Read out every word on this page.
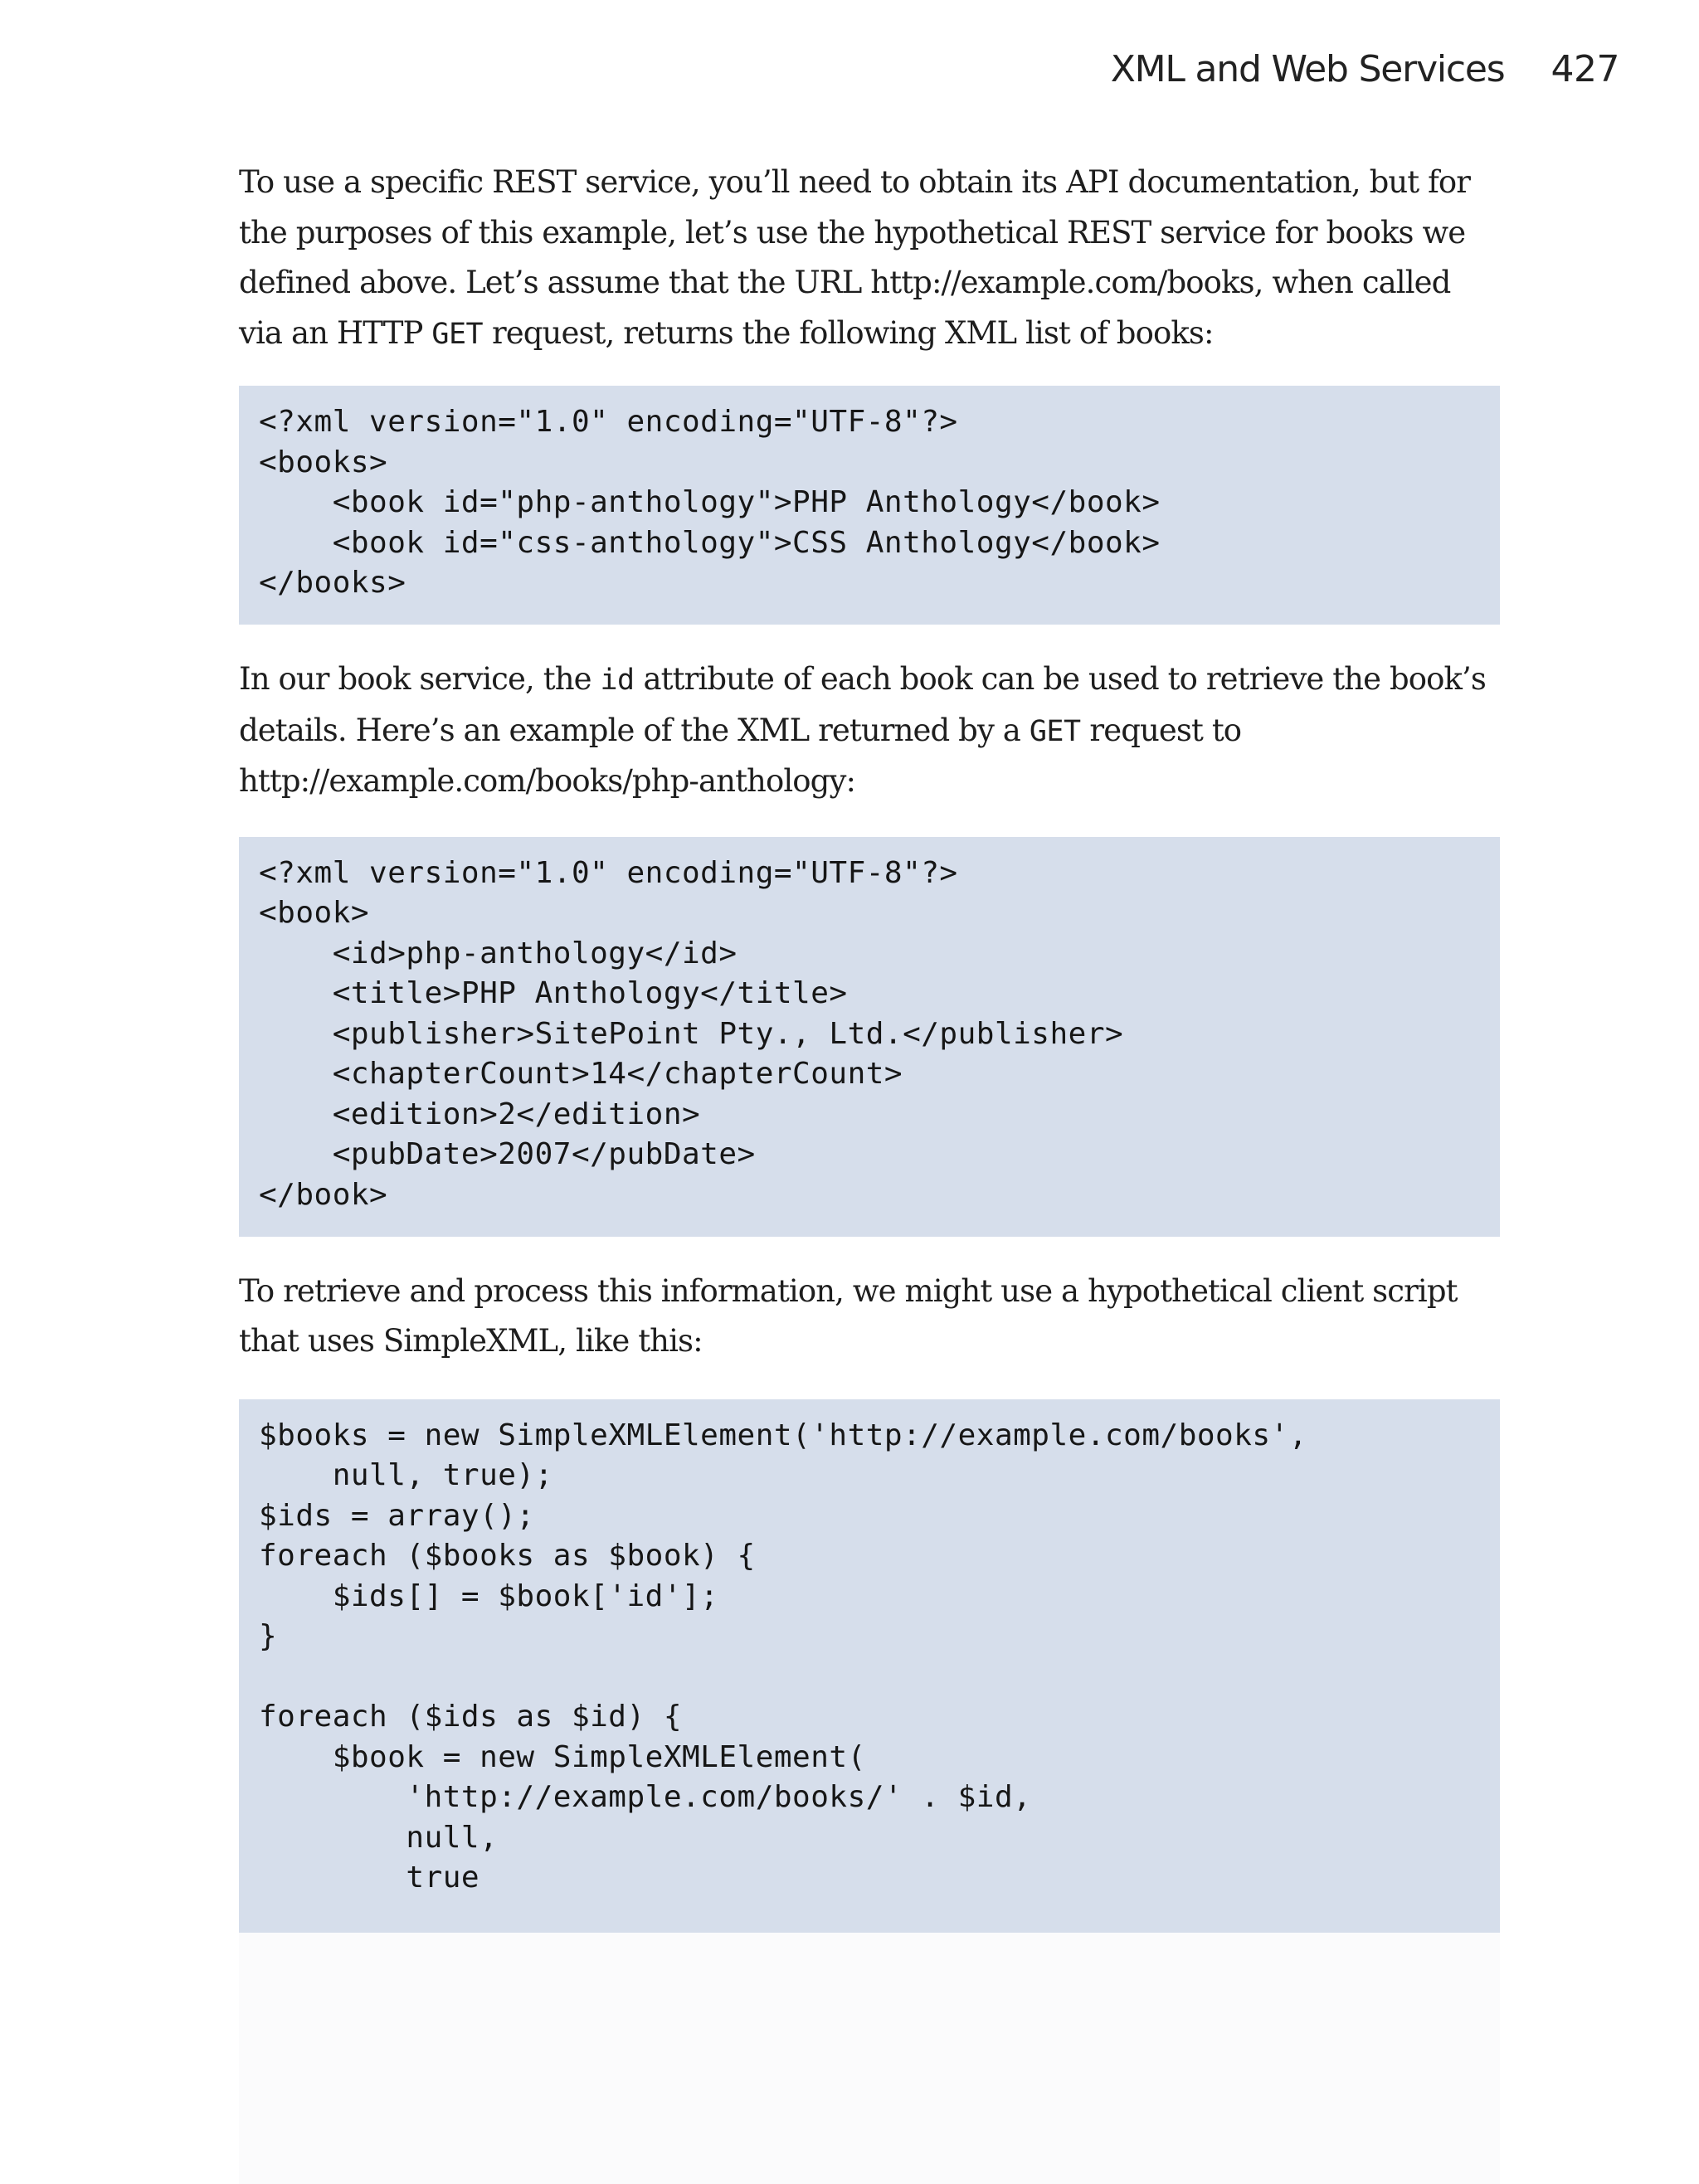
XML and Web Services 427

To use a specific REST service, you’ll need to obtain its API documentation, but for
the purposes of this example, let’s use the hypothetical REST service for books we
defined above. Let’s assume that the URL http://example.com/books, when called
via an HTTP GET request, returns the following XML list of books:

<?xml version="1.0" encoding="UTF-8"?>
<books>
<book id="php-anthology">PHP Anthology</book>
<book id="css-anthology">CSS Anthology</book>
</books>

In our book service, the id attribute of each book can be used to retrieve the book’s
details. Here’s an example of the XML returned by a GET request to
http://example.com/books/php-anthology:

<?xml version="1.0" encoding="UTF-8"?>
<book>
<id>php-anthology</id>
<title>PHP Anthology</title>
<publisher>SitePoint Pty., Ltd.</publisher>
<chapterCount>14</chapterCount>
<edition>2</edition>
<pubDate>2007</pubDate>
</book>

To retrieve and process this information, we might use a hypothetical client script
that uses SimpleXML, like this:

$books = new SimpleXMLElement('http://example.com/books',
null, true);
$ids = array();
foreach ($books as $book) {
$ids[] = $book['id'];
}
foreach ($ids as $id) {
$book = new SimpleXMLElement(
'http://example.com/books/' . $id,
null,
true
